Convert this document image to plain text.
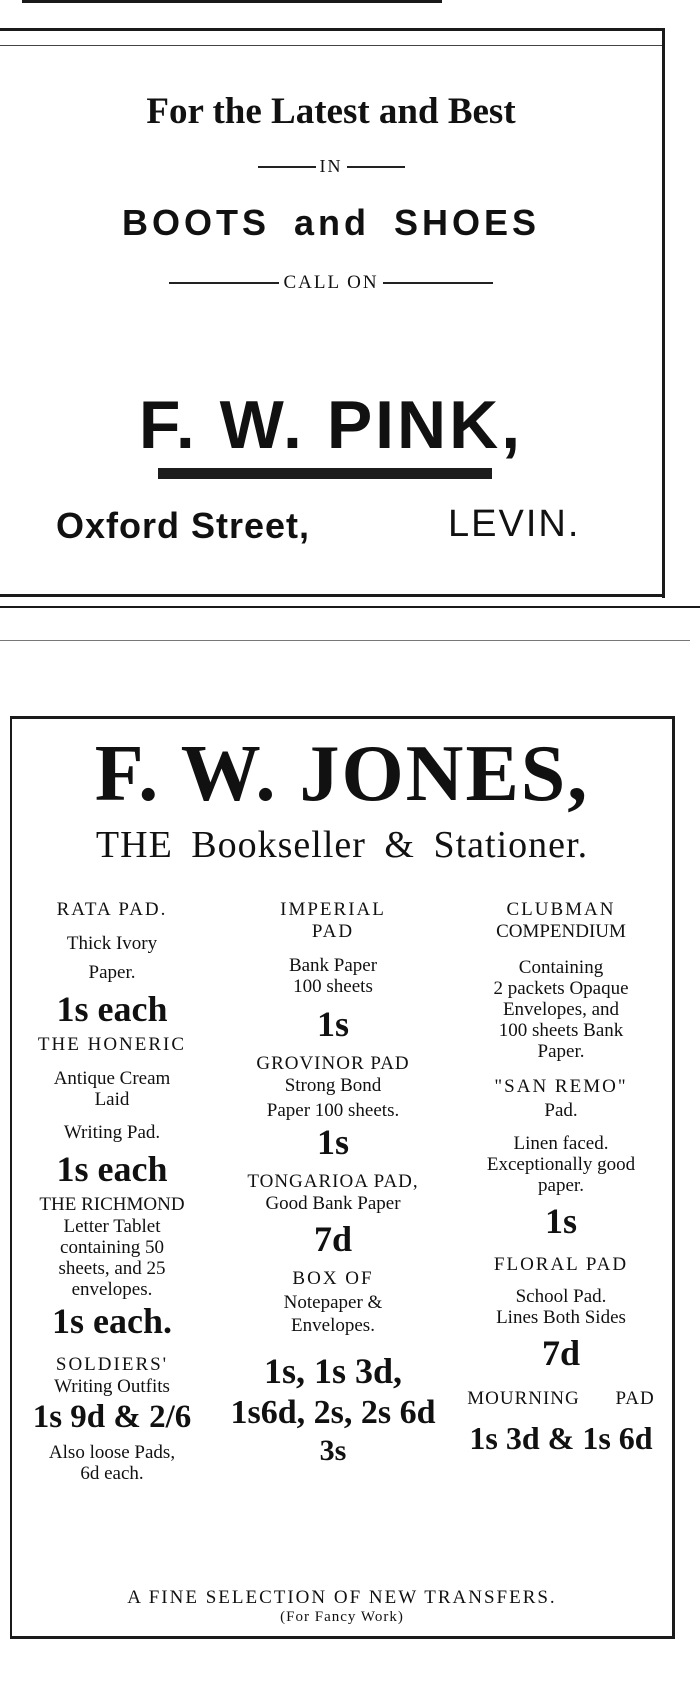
For the Latest and Best
IN
BOOTS and SHOES
CALL ON
F. W. PINK,
Oxford Street,	LEVIN.
F. W. JONES,
THE Bookseller & Stationer.
RATA PAD.
Thick Ivory
Paper.
1s each
THE HONERIC
Antique Cream
Laid
Writing Pad.
1s each
THE RICHMOND
Letter Tablet
containing 50
sheets, and 25
envelopes.
1s each.
SOLDIERS'
Writing Outfits
1s 9d & 2/6
Also loose Pads,
6d each.
IMPERIAL
PAD
Bank Paper
100 sheets
1s
GROVINOR PAD
Strong Bond
Paper 100 sheets.
1s
TONGARIOA PAD,
Good Bank Paper
7d
BOX OF
Notepaper &
Envelopes.
1s, 1s 3d,
1s6d, 2s, 2s 6d
3s
CLUBMAN
COMPENDIUM
Containing
2 packets Opaque
Envelopes, and
100 sheets Bank
Paper.
"SAN REMO"
Pad.
Linen faced.
Exceptionally good
paper.
1s
FLORAL PAD
School Pad.
Lines Both Sides
7d
MOURNING PAD
1s 3d & 1s 6d
A FINE SELECTION OF NEW TRANSFERS.
(For Fancy Work)
